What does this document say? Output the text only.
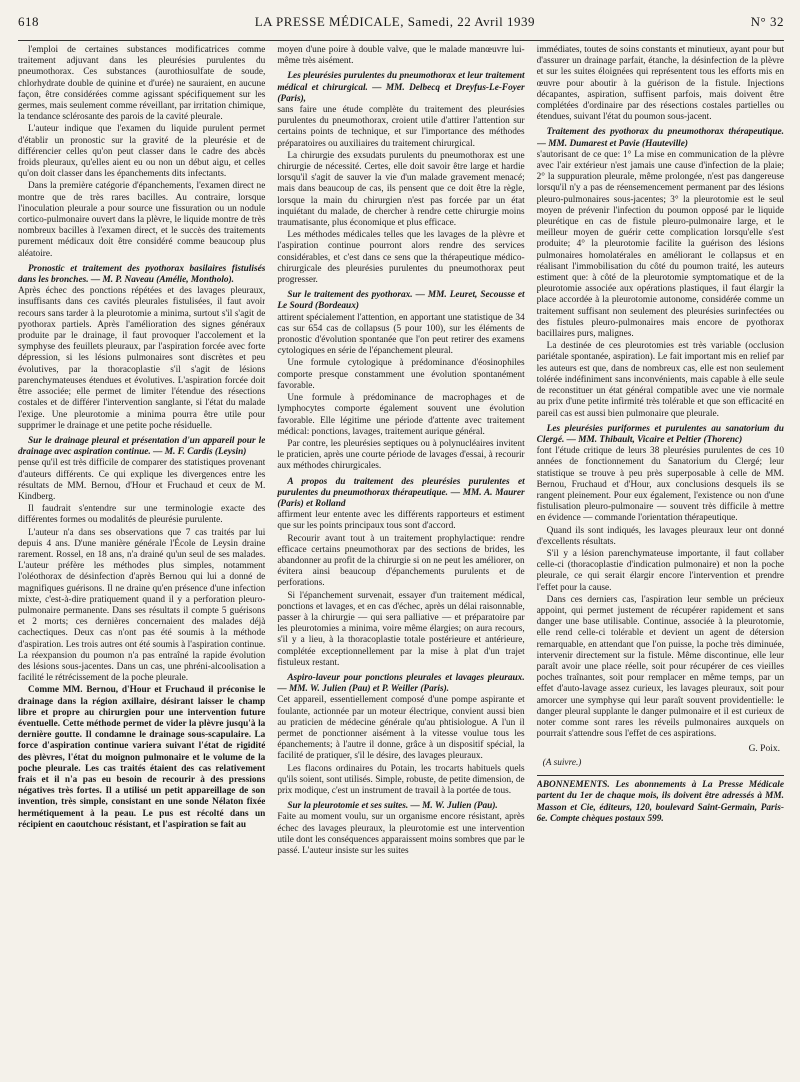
618	LA PRESSE MÉDICALE, Samedi, 22 Avril 1939	N° 32

l'emploi de certaines substances modificatrices comme traitement adjuvant dans les pleurésies purulentes du pneumothorax. Ces substances (aurothiosulfate de soude, chlorhydrate double de quinine et d'urée) ne sauraient, en aucune façon, être considérées comme agissant spécifiquement sur les germes, mais seulement comme réveillant, par irritation chimique, la tendance sclérosante des parois de la cavité pleurale.

L'auteur indique que l'examen du liquide purulent permet d'établir un pronostic sur la gravité de la pleurésie et de différencier celles qu'on peut classer dans le cadre des abcès froids pleuraux, qu'elles aient eu ou non un début aigu, et celles qu'on doit classer dans les épanchements dits infectants.

Dans la première catégorie d'épanchements, l'examen direct ne montre que de très rares bacilles. Au contraire, lorsque l'inoculation pleurale a pour source une fissuration ou un nodule cortico-pulmonaire ouvert dans la plèvre, le liquide montre de très nombreux bacilles à l'examen direct, et le succès des traitements purement médicaux doit être considéré comme beaucoup plus aléatoire.

Pronostic et traitement des pyothorax basilaires fistulisés dans les bronches. — M. P. Naveau (Amélie, Montholo).

Après échec des ponctions répétées et des lavages pleuraux, insuffisants dans ces cavités pleurales fistulisées, il faut avoir recours sans tarder à la pleurotomie a minima, surtout s'il s'agit de pyothorax partiels. Après l'amélioration des signes généraux produite par le drainage, il faut provoquer l'accolement et la symphyse des feuillets pleuraux, par l'aspiration forcée avec forte dépression, si les lésions pulmonaires sont discrètes et peu évolutives, par la thoracoplastie s'il s'agit de lésions parenchymateuses étendues et évolutives. L'aspiration forcée doit être associée; elle permet de limiter l'étendue des résections costales et de différer l'intervention sanglante, si l'état du malade l'exige. Une pleurotomie a minima pourra être utile pour supprimer le drainage et une petite poche résiduelle.

Sur le drainage pleural et présentation d'un appareil pour le drainage avec aspiration continue. — M. F. Cardis (Leysin)

pense qu'il est très difficile de comparer des statistiques provenant d'auteurs différents. Ce qui explique les divergences entre les résultats de MM. Bernou, d'Hour et Fruchaud et ceux de M. Kindberg.

Il faudrait s'entendre sur une terminologie exacte des différentes formes ou modalités de pleurésie purulente.

L'auteur n'a dans ses observations que 7 cas traités par lui depuis 4 ans. D'une manière générale l'École de Leysin draine rarement. Rossel, en 18 ans, n'a drainé qu'un seul de ses malades. L'auteur préfère les méthodes plus simples, notamment l'oléothorax de désinfection d'après Bernou qui lui a donné de magnifiques guérisons. Il ne draine qu'en présence d'une infection mixte, c'est-à-dire pratiquement quand il y a perforation pleuro-pulmonaire permanente. Dans ses résultats il compte 5 guérisons et 2 morts; ces dernières concernaient des malades déjà cachectiques. Deux cas n'ont pas été soumis à la méthode d'aspiration. Les trois autres ont été soumis à l'aspiration continue. La réexpansion du poumon n'a pas entraîné la rapide évolution des lésions sous-jacentes. Dans un cas, une phréni-alcoolisation a facilité le rétrécissement de la poche pleurale.

Comme MM. Bernou, d'Hour et Fruchaud il préconise le drainage dans la région axillaire, désirant laisser le champ libre et propre au chirurgien pour une intervention future éventuelle. Cette méthode permet de vider la plèvre jusqu'à la dernière goutte. Il condamne le drainage sous-scapulaire. La force d'aspiration continue variera suivant l'état de rigidité des plèvres, l'état du moignon pulmonaire et le volume de la poche pleurale. Les cas traités étaient des cas relativement frais et il n'a pas eu besoin de recourir à des pressions négatives très fortes. Il a utilisé un petit appareillage de son invention, très simple, consistant en une sonde Nélaton fixée hermétiquement à la peau. Le pus est récolté dans un récipient en caoutchouc résistant, et l'aspiration se fait au

moyen d'une poire à double valve, que le malade manœuvre lui-même très aisément.

Les pleurésies purulentes du pneumothorax et leur traitement médical et chirurgical. — MM. Delbecq et Dreyfus-Le-Foyer (Paris),

sans faire une étude complète du traitement des pleurésies purulentes du pneumothorax, croient utile d'attirer l'attention sur certains points de technique, et sur l'importance des méthodes préparatoires ou auxiliaires du traitement chirurgical.

La chirurgie des exsudats purulents du pneumothorax est une chirurgie de nécessité. Certes, elle doit savoir être large et hardie lorsqu'il s'agit de sauver la vie d'un malade gravement menacé; mais dans beaucoup de cas, ils pensent que ce doit être la règle, lorsque la main du chirurgien n'est pas forcée par un état inquiétant du malade, de chercher à rendre cette chirurgie moins traumatisante, plus économique et plus efficace.

Les méthodes médicales telles que les lavages de la plèvre et l'aspiration continue pourront alors rendre des services considérables, et c'est dans ce sens que la thérapeutique médico-chirurgicale des pleurésies purulentes du pneumothorax peut progresser.

Sur le traitement des pyothorax. — MM. Leuret, Secousse et Le Sourd (Bordeaux)

attirent spécialement l'attention, en apportant une statistique de 34 cas sur 654 cas de collapsus (5 pour 100), sur les éléments de pronostic d'évolution spontanée que l'on peut retirer des examens cytologiques en série de l'épanchement pleural.

Une formule cytologique à prédominance d'éosinophiles comporte presque constamment une évolution spontanément favorable.

Une formule à prédominance de macrophages et de lymphocytes comporte également souvent une évolution favorable. Elle légitime une période d'attente avec traitement médical: ponctions, lavages, traitement aurique général.

Par contre, les pleurésies septiques ou à polynucléaires invitent le praticien, après une courte période de lavages d'essai, à recourir aux méthodes chirurgicales.

A propos du traitement des pleurésies purulentes et purulentes du pneumothorax thérapeutique. — MM. A. Maurer (Paris) et Rolland

affirment leur entente avec les différents rapporteurs et estiment que sur les points principaux tous sont d'accord.

Recourir avant tout à un traitement prophylactique: rendre efficace certains pneumothorax par des sections de brides, les abandonner au profit de la chirurgie si on ne peut les améliorer, on évitera ainsi beaucoup d'épanchements purulents et de perforations.

Si l'épanchement survenait, essayer d'un traitement médical, ponctions et lavages, et en cas d'échec, après un délai raisonnable, passer à la chirurgie — qui sera palliative — et préparatoire par les pleurotomies a minima, voire même élargies; on aura recours, s'il y a lieu, à la thoracoplastie totale postérieure et antérieure, complétée exceptionnellement par la mise à plat d'un trajet fistuleux restant.

Aspiro-laveur pour ponctions pleurales et lavages pleuraux. — MM. W. Julien (Pau) et P. Weiller (Paris).

Cet appareil, essentiellement composé d'une pompe aspirante et foulante, actionnée par un moteur électrique, convient aussi bien au praticien de médecine générale qu'au phtisiologue. A l'un il permet de ponctionner aisément à la vitesse voulue tous les épanchements; à l'autre il donne, grâce à un dispositif spécial, la facilité de pratiquer, s'il le désire, des lavages pleuraux.

Les flacons ordinaires du Potain, les trocarts habituels quels qu'ils soient, sont utilisés. Simple, robuste, de petite dimension, de prix modique, c'est un instrument de travail à la portée de tous.

Sur la pleurotomie et ses suites. — M. W. Julien (Pau).

Faite au moment voulu, sur un organisme encore résistant, après échec des lavages pleuraux, la pleurotomie est une intervention utile dont les conséquences apparaissent moins sombres que par le passé. L'auteur insiste sur les suites

immédiates, toutes de soins constants et minutieux, ayant pour but d'assurer un drainage parfait, étanche, la désinfection de la plèvre et sur les suites éloignées qui représentent tous les efforts mis en œuvre pour aboutir à la guérison de la fistule. Injections décapantes, aspiration, suffisent parfois, mais doivent être complétées d'ordinaire par des résections costales partielles ou étendues, suivant l'état du poumon sous-jacent.

Traitement des pyothorax du pneumothorax thérapeutique. — MM. Dumarest et Pavie (Hauteville)

s'autorisant de ce que: 1° La mise en communication de la plèvre avec l'air extérieur n'est jamais une cause d'infection de la plaie; 2° la suppuration pleurale, même prolongée, n'est pas dangereuse lorsqu'il n'y a pas de réensemencement permanent par des lésions pleuro-pulmonaires sous-jacentes; 3° la pleurotomie est le seul moyen de prévenir l'infection du poumon opposé par le liquide pleurétique en cas de fistule pleuro-pulmonaire large, et le meilleur moyen de guérir cette complication lorsqu'elle s'est produite; 4° la pleurotomie facilite la guérison des lésions pulmonaires homolatérales en améliorant le collapsus et en réalisant l'immobilisation du côté du poumon traité, les auteurs estiment que: à côté de la pleurotomie symptomatique et de la pleurotomie associée aux opérations plastiques, il faut élargir la place accordée à la pleurotomie autonome, considérée comme un traitement suffisant non seulement des pleurésies surinfectées ou des fistules pleuro-pulmonaires mais encore de pyothorax bacillaires purs, malignes.

La destinée de ces pleurotomies est très variable (occlusion pariétale spontanée, aspiration). Le fait important mis en relief par les auteurs est que, dans de nombreux cas, elle est non seulement tolérée indéfiniment sans inconvénients, mais capable à elle seule de reconstituer un état général compatible avec une vie normale au prix d'une petite infirmité très tolérable et que son efficacité en pareil cas est aussi bien pulmonaire que pleurale.

Les pleurésies puriformes et purulentes au sanatorium du Clergé. — MM. Thibault, Vicaire et Peltier (Thorenc)

font l'étude critique de leurs 38 pleurésies purulentes de ces 10 années de fonctionnement du Sanatorium du Clergé; leur statistique se trouve à peu près superposable à celle de MM. Bernou, Fruchaud et d'Hour, aux conclusions desquels ils se rangent pleinement. Pour eux également, l'existence ou non d'une fistulisation pleuro-pulmonaire — souvent très difficile à mettre en évidence — commande l'orientation thérapeutique.

Quand ils sont indiqués, les lavages pleuraux leur ont donné d'excellents résultats.

S'il y a lésion parenchymateuse importante, il faut collaber celle-ci (thoracoplastie d'indication pulmonaire) et non la poche pleurale, ce qui serait élargir encore l'intervention et prendre l'effet pour la cause.

Dans ces derniers cas, l'aspiration leur semble un précieux appoint, qui permet justement de récupérer rapidement et sans danger une base utilisable. Continue, associée à la pleurotomie, elle rend celle-ci tolérable et devient un agent de détersion remarquable, en attendant que l'on puisse, la poche très diminuée, intervenir directement sur la fistule. Même discontinue, elle leur paraît avoir une place réelle, soit pour récupérer de ces vieilles poches traînantes, soit pour remplacer en même temps, par un effet d'auto-lavage assez curieux, les lavages pleuraux, soit pour amorcer une symphyse qui leur paraît souvent providentielle: le danger pleural supplante le danger pulmonaire et il est curieux de noter comme sont rares les réveils pulmonaires auxquels on pourrait s'attendre sous l'effet de ces aspirations.

G. Poix.
(A suivre.)
ABONNEMENTS. Les abonnements à La Presse Médicale partent du 1er de chaque mois, ils doivent être adressés à MM. Masson et Cie, éditeurs, 120, boulevard Saint-Germain, Paris-6e. Compte chèques postaux 599.
